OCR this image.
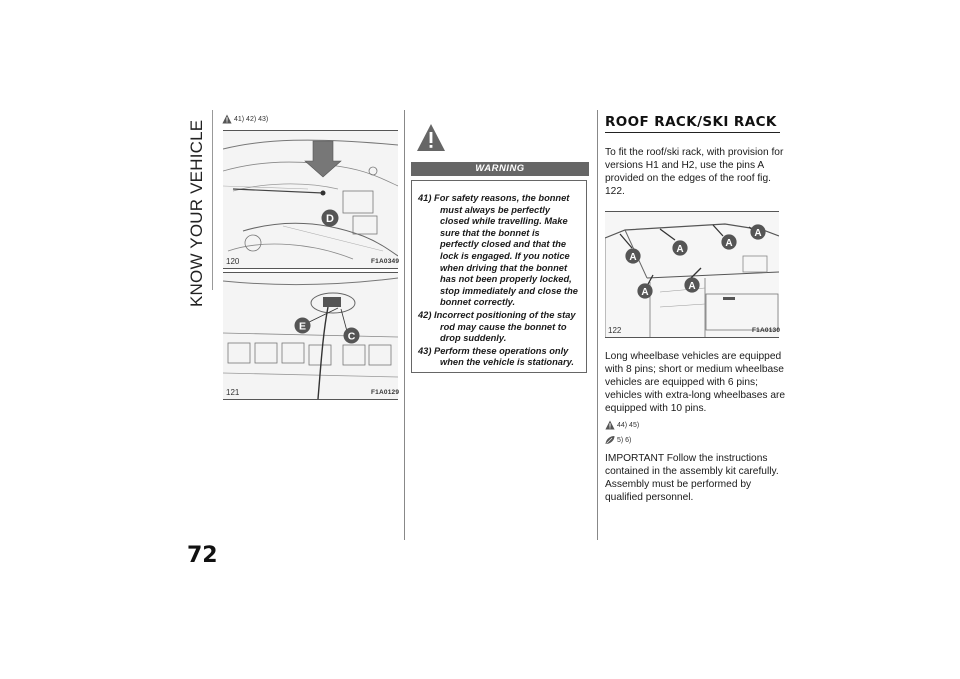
KNOW YOUR VEHICLE
41) 42) 43)
D
120	F1A0349
E
C
121	F1A0129
WARNING
41) For safety reasons, the bonnet must always be perfectly closed while travelling. Make sure that the bonnet is perfectly closed and that the lock is engaged. If you notice when driving that the bonnet has not been properly locked, stop immediately and close the bonnet correctly.
42) Incorrect positioning of the stay rod may cause the bonnet to drop suddenly.
43) Perform these operations only when the vehicle is stationary.
ROOF RACK/SKI RACK
To fit the roof/ski rack, with provision for versions H1 and H2, use the pins A provided on the edges of the roof fig. 122.
A
A
A
A
A
A
122	F1A0130
Long wheelbase vehicles are equipped with 8 pins; short or medium wheelbase vehicles are equipped with 6 pins; vehicles with extra-long wheelbases are equipped with 10 pins.
44) 45)
5) 6)
IMPORTANT Follow the instructions contained in the assembly kit carefully. Assembly must be performed by qualified personnel.
72
